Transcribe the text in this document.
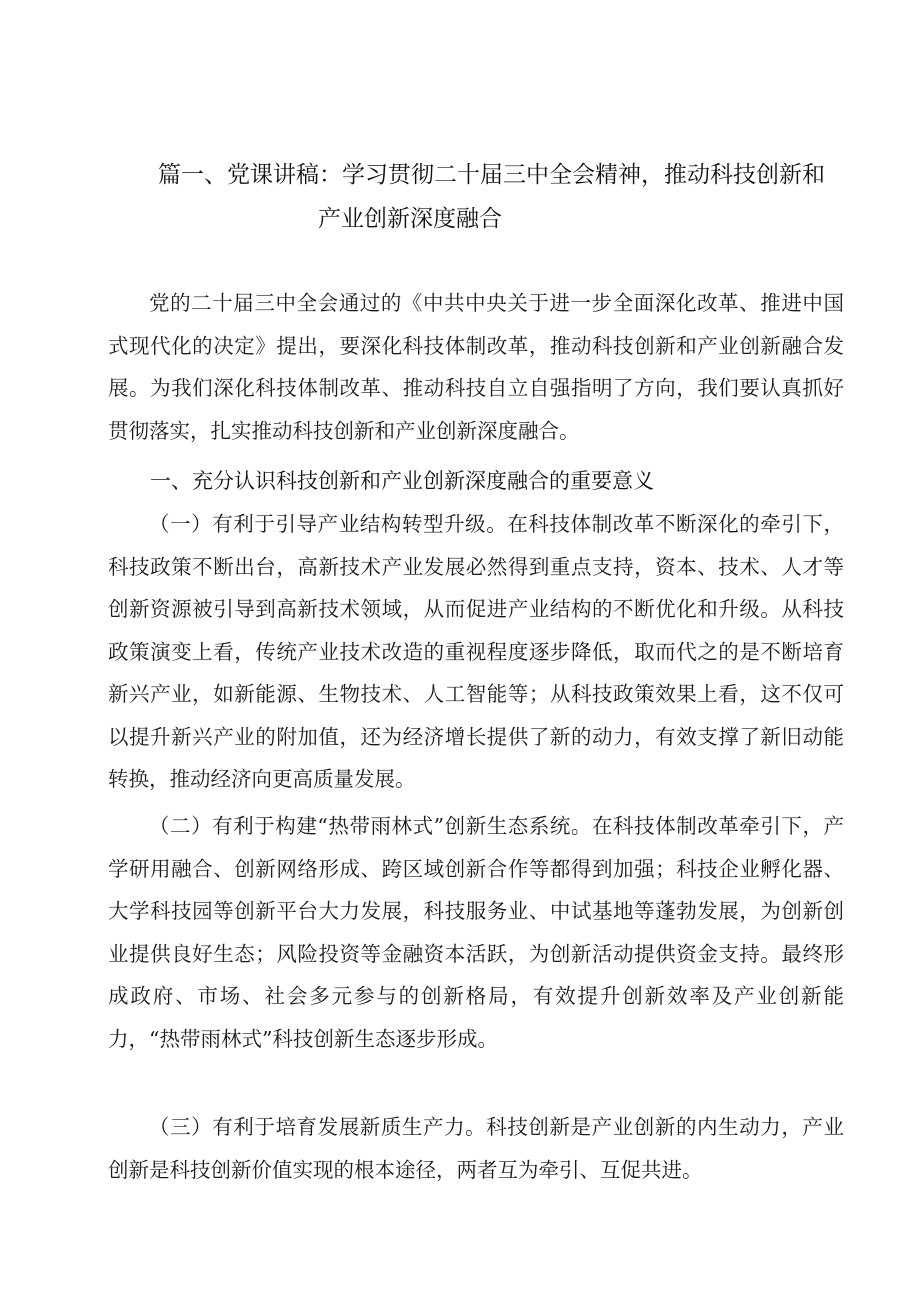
篇一、党课讲稿：学习贯彻二十届三中全会精神，推动科技创新和
产业创新深度融合

党的二十届三中全会通过的《中共中央关于进一步全面深化改革、推进中国式现代化的决定》提出，要深化科技体制改革，推动科技创新和产业创新融合发展。为我们深化科技体制改革、推动科技自立自强指明了方向，我们要认真抓好贯彻落实，扎实推动科技创新和产业创新深度融合。

一、充分认识科技创新和产业创新深度融合的重要意义

（一）有利于引导产业结构转型升级。在科技体制改革不断深化的牵引下，科技政策不断出台，高新技术产业发展必然得到重点支持，资本、技术、人才等创新资源被引导到高新技术领域，从而促进产业结构的不断优化和升级。从科技政策演变上看，传统产业技术改造的重视程度逐步降低，取而代之的是不断培育新兴产业，如新能源、生物技术、人工智能等；从科技政策效果上看，这不仅可以提升新兴产业的附加值，还为经济增长提供了新的动力，有效支撑了新旧动能转换，推动经济向更高质量发展。

（二）有利于构建“热带雨林式”创新生态系统。在科技体制改革牵引下，产学研用融合、创新网络形成、跨区域创新合作等都得到加强；科技企业孵化器、大学科技园等创新平台大力发展，科技服务业、中试基地等蓬勃发展，为创新创业提供良好生态；风险投资等金融资本活跃，为创新活动提供资金支持。最终形成政府、市场、社会多元参与的创新格局，有效提升创新效率及产业创新能力，“热带雨林式”科技创新生态逐步形成。

（三）有利于培育发展新质生产力。科技创新是产业创新的内生动力，产业创新是科技创新价值实现的根本途径，两者互为牵引、互促共进。
